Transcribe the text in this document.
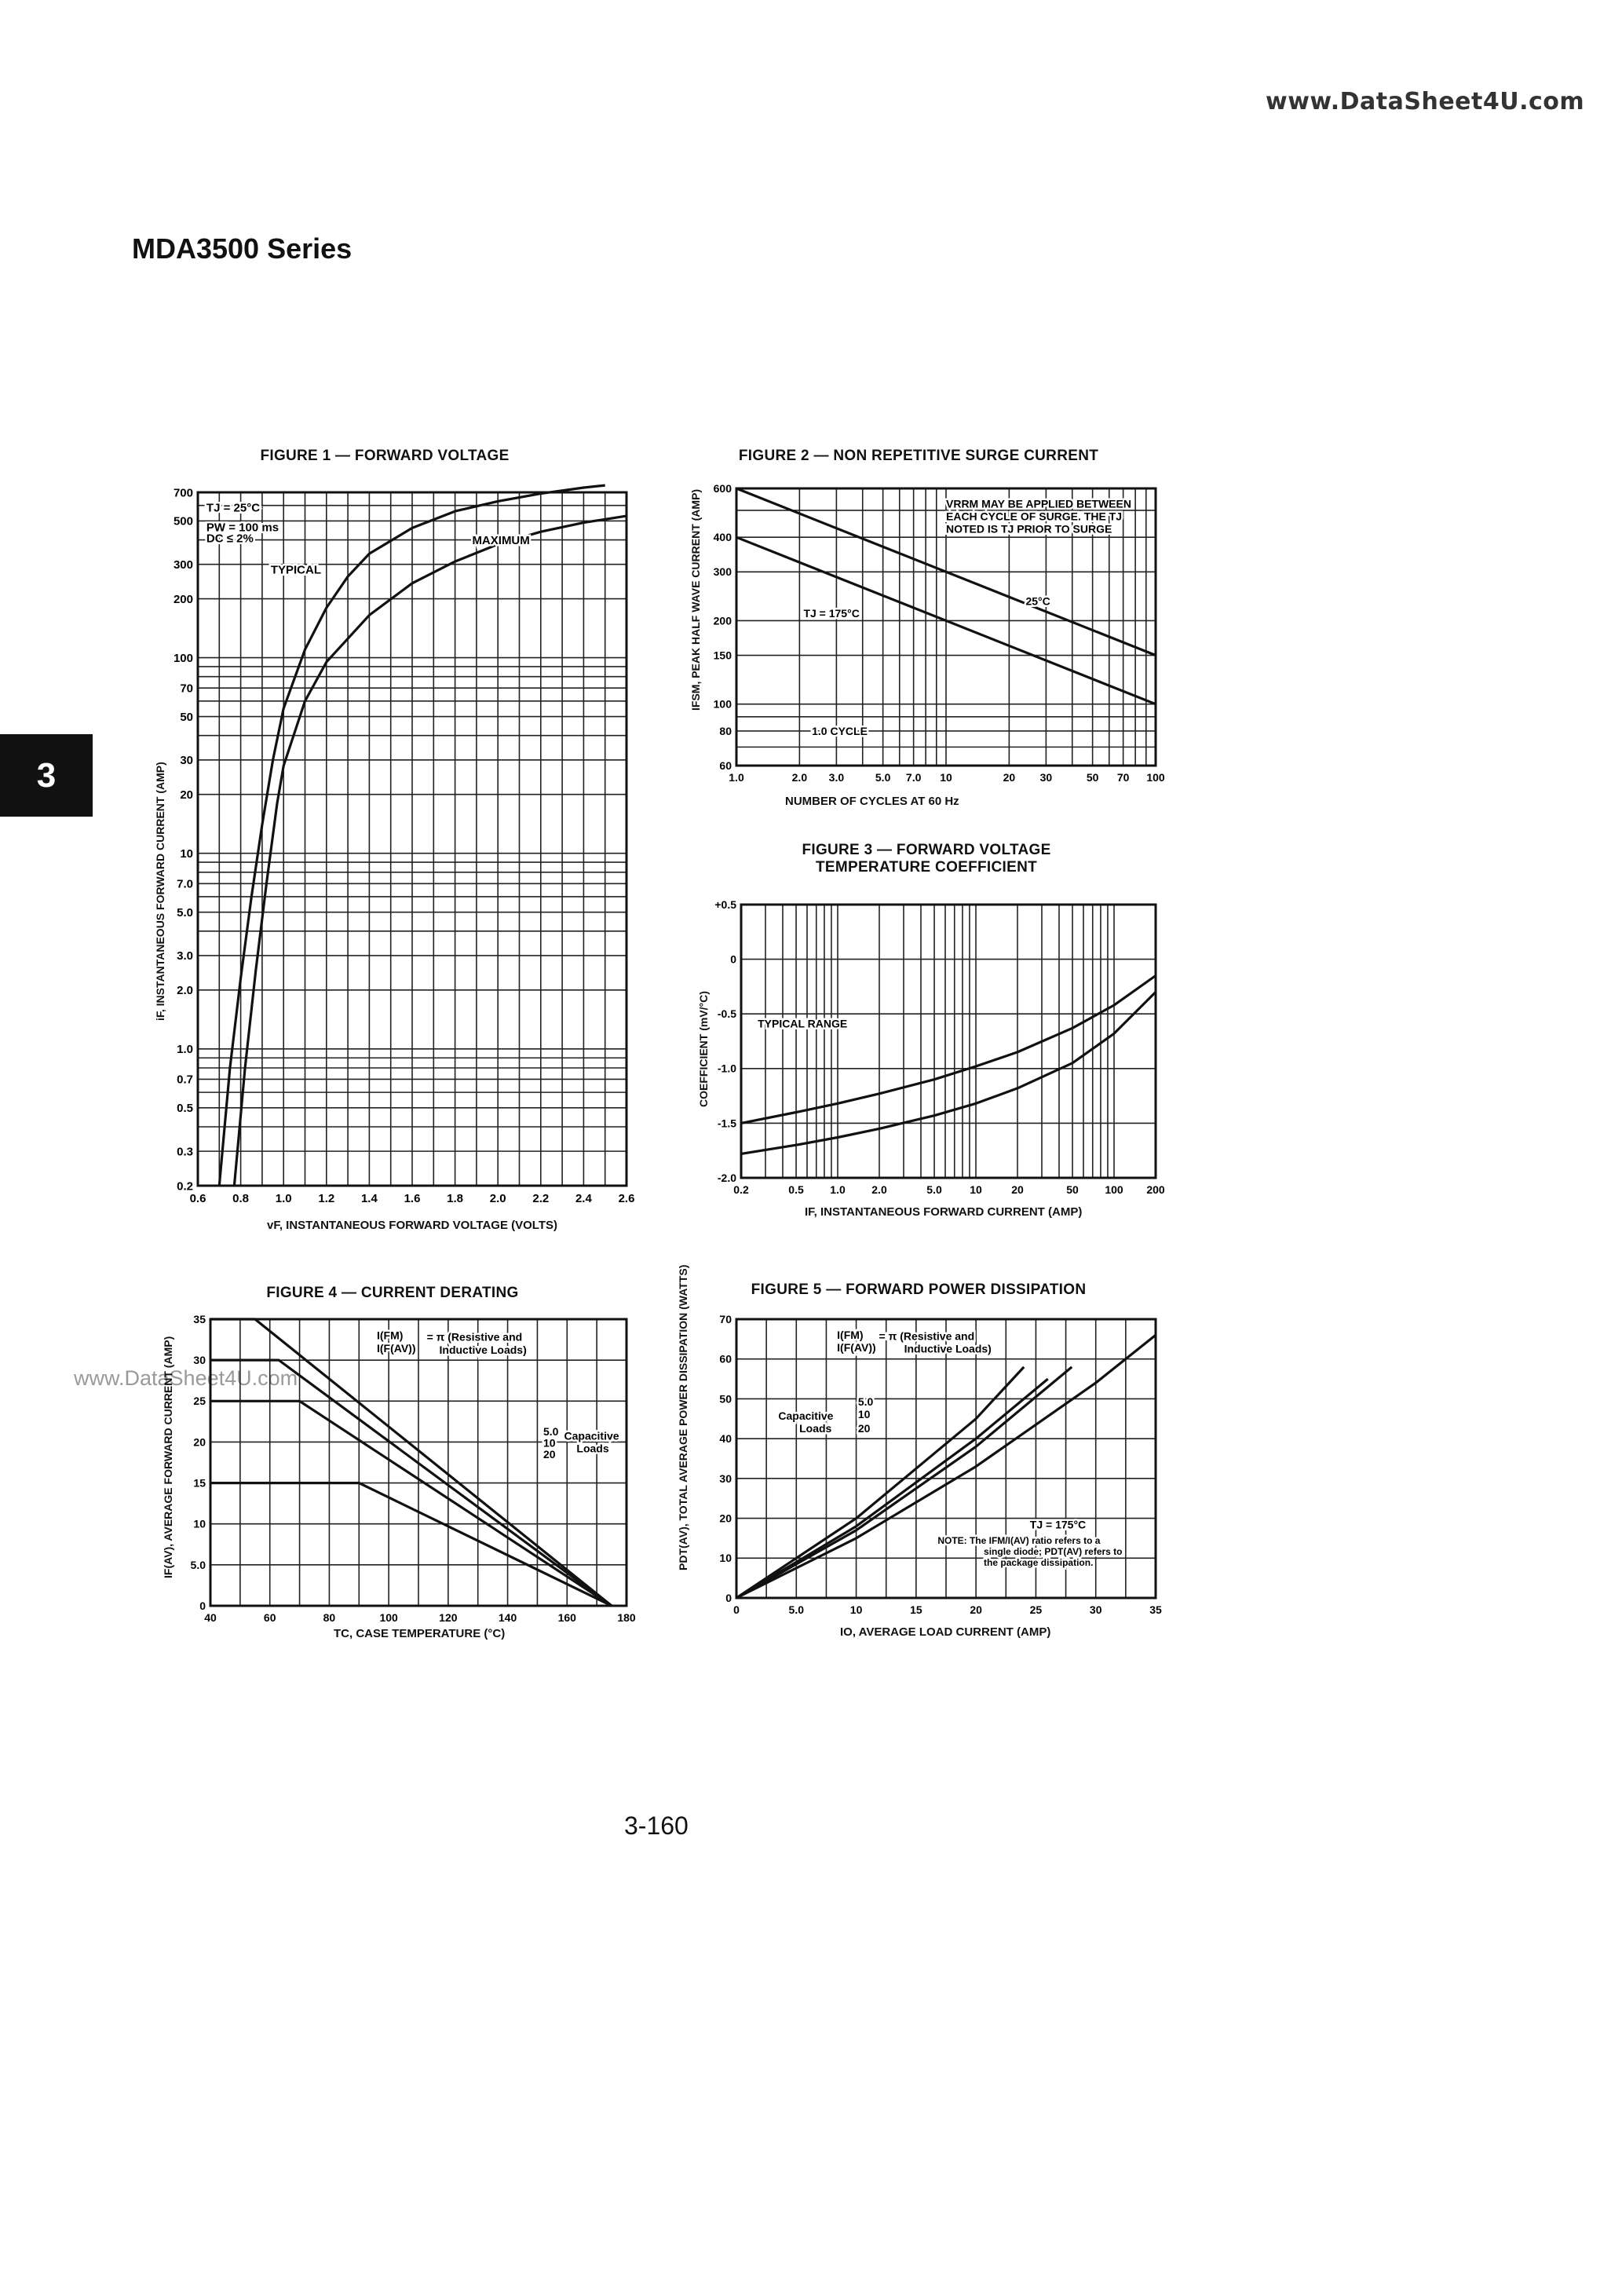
www.DataSheet4U.com
MDA3500 Series
3
www.DataSheet4U.com
3-160
FIGURE 1 — FORWARD VOLTAGE
iF, INSTANTANEOUS FORWARD CURRENT (AMP)
vF, INSTANTANEOUS FORWARD VOLTAGE (VOLTS)
0.6 0.8 1.0 1.2 1.4 1.6 1.8 2.0 2.2 2.4 2.6
0.2
0.3
0.5
0.7
1.0
2.0
3.0
5.0
7.0
10
20
30
50
70
100
200
300
500
700
TJ = 25°C
PW = 100 ms
DC ≤ 2%
TYPICAL
MAXIMUM
FIGURE 2 — NON REPETITIVE SURGE CURRENT
IFSM, PEAK HALF WAVE CURRENT (AMP)
NUMBER OF CYCLES AT 60 Hz
1.0	2.0 3.0	5.0 7.0 10	20 30	50 70 100
60
80
100
150
200
300
400
600
VRRM MAY BE APPLIED BETWEEN
EACH CYCLE OF SURGE. THE TJ
NOTED IS TJ PRIOR TO SURGE
25°C
TJ = 175°C
1.0 CYCLE
FIGURE 3 — FORWARD VOLTAGE TEMPERATURE COEFFICIENT
COEFFICIENT (mV/°C)
IF, INSTANTANEOUS FORWARD CURRENT (AMP)
0.2	0.5 1.0 2.0	5.0	10	20	50 100 200
+0.5
0
-0.5
-1.0
-1.5
-2.0
TYPICAL RANGE
FIGURE 4 — CURRENT DERATING
IF(AV), AVERAGE FORWARD CURRENT (AMP)
TC, CASE TEMPERATURE (°C)
40	60	80	100	120	140	160	180
0
5.0
10
15
20
25
30
35
I(FM)
I(F(AV))
= π (Resistive and
Inductive Loads)
5.0
10
20
Capacitive
Loads
FIGURE 5 — FORWARD POWER DISSIPATION
PDT(AV), TOTAL AVERAGE POWER DISSIPATION (WATTS)
IO, AVERAGE LOAD CURRENT (AMP)
0	5.0	10	15	20	25	30	35
0
10
20
30
40
50
60
70
I(FM)
I(F(AV))
= π (Resistive and
Inductive Loads)
Capacitive
Loads
5.0
10
20
TJ = 175°C
NOTE: The IFM/I(AV) ratio refers to a
single diode; PDT(AV) refers to
the package dissipation.
